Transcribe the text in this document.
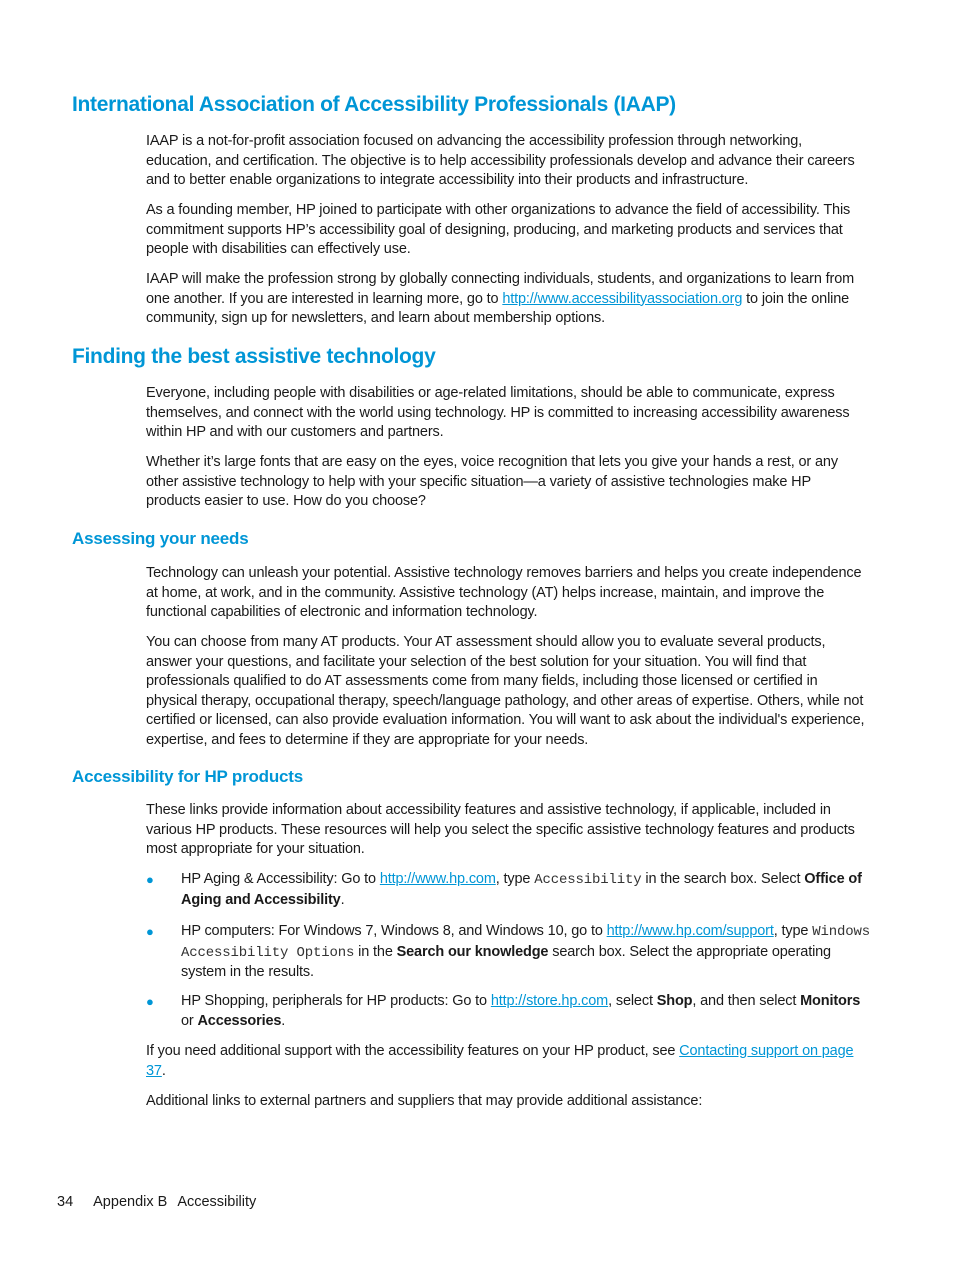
International Association of Accessibility Professionals (IAAP)

IAAP is a not-for-profit association focused on advancing the accessibility profession through networking, education, and certification. The objective is to help accessibility professionals develop and advance their careers and to better enable organizations to integrate accessibility into their products and infrastructure.

As a founding member, HP joined to participate with other organizations to advance the field of accessibility. This commitment supports HP’s accessibility goal of designing, producing, and marketing products and services that people with disabilities can effectively use.

IAAP will make the profession strong by globally connecting individuals, students, and organizations to learn from one another. If you are interested in learning more, go to http://www.accessibilityassociation.org to join the online community, sign up for newsletters, and learn about membership options.

Finding the best assistive technology

Everyone, including people with disabilities or age-related limitations, should be able to communicate, express themselves, and connect with the world using technology. HP is committed to increasing accessibility awareness within HP and with our customers and partners.

Whether it’s large fonts that are easy on the eyes, voice recognition that lets you give your hands a rest, or any other assistive technology to help with your specific situation—a variety of assistive technologies make HP products easier to use. How do you choose?

Assessing your needs

Technology can unleash your potential. Assistive technology removes barriers and helps you create independence at home, at work, and in the community. Assistive technology (AT) helps increase, maintain, and improve the functional capabilities of electronic and information technology.

You can choose from many AT products. Your AT assessment should allow you to evaluate several products, answer your questions, and facilitate your selection of the best solution for your situation. You will find that professionals qualified to do AT assessments come from many fields, including those licensed or certified in physical therapy, occupational therapy, speech/language pathology, and other areas of expertise. Others, while not certified or licensed, can also provide evaluation information. You will want to ask about the individual's experience, expertise, and fees to determine if they are appropriate for your needs.

Accessibility for HP products

These links provide information about accessibility features and assistive technology, if applicable, included in various HP products. These resources will help you select the specific assistive technology features and products most appropriate for your situation.

● HP Aging & Accessibility: Go to http://www.hp.com, type Accessibility in the search box. Select Office of Aging and Accessibility.

● HP computers: For Windows 7, Windows 8, and Windows 10, go to http://www.hp.com/support, type Windows Accessibility Options in the Search our knowledge search box. Select the appropriate operating system in the results.

● HP Shopping, peripherals for HP products: Go to http://store.hp.com, select Shop, and then select Monitors or Accessories.

If you need additional support with the accessibility features on your HP product, see Contacting support on page 37.

Additional links to external partners and suppliers that may provide additional assistance:

34 Appendix B Accessibility
